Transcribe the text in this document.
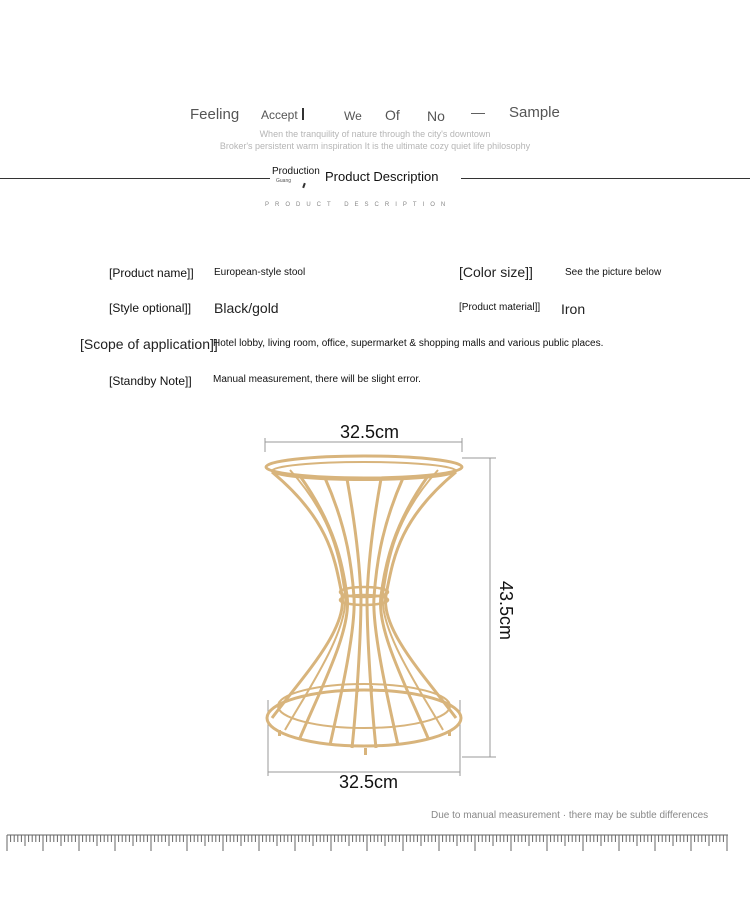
Feeling Accept	We Of No — Sample
When the tranquility of nature through the city's downtown
Broker's persistent warm inspiration It is the ultimate cozy quiet life philosophy
Production
Guang	Product Description
PRODUCT DESCRIPTION
[Product name]] European-style stool	[Color size]]	See the picture below
[Style optional]] Black/gold	[Product material]] Iron
[Scope of application]]
Hotel lobby, living room, office, supermarket & shopping malls and various public places.
[Standby Note]] Manual measurement, there will be slight error.
32.5cm
43.5cm
32.5cm
Due to manual measurement · there may be subtle differences
